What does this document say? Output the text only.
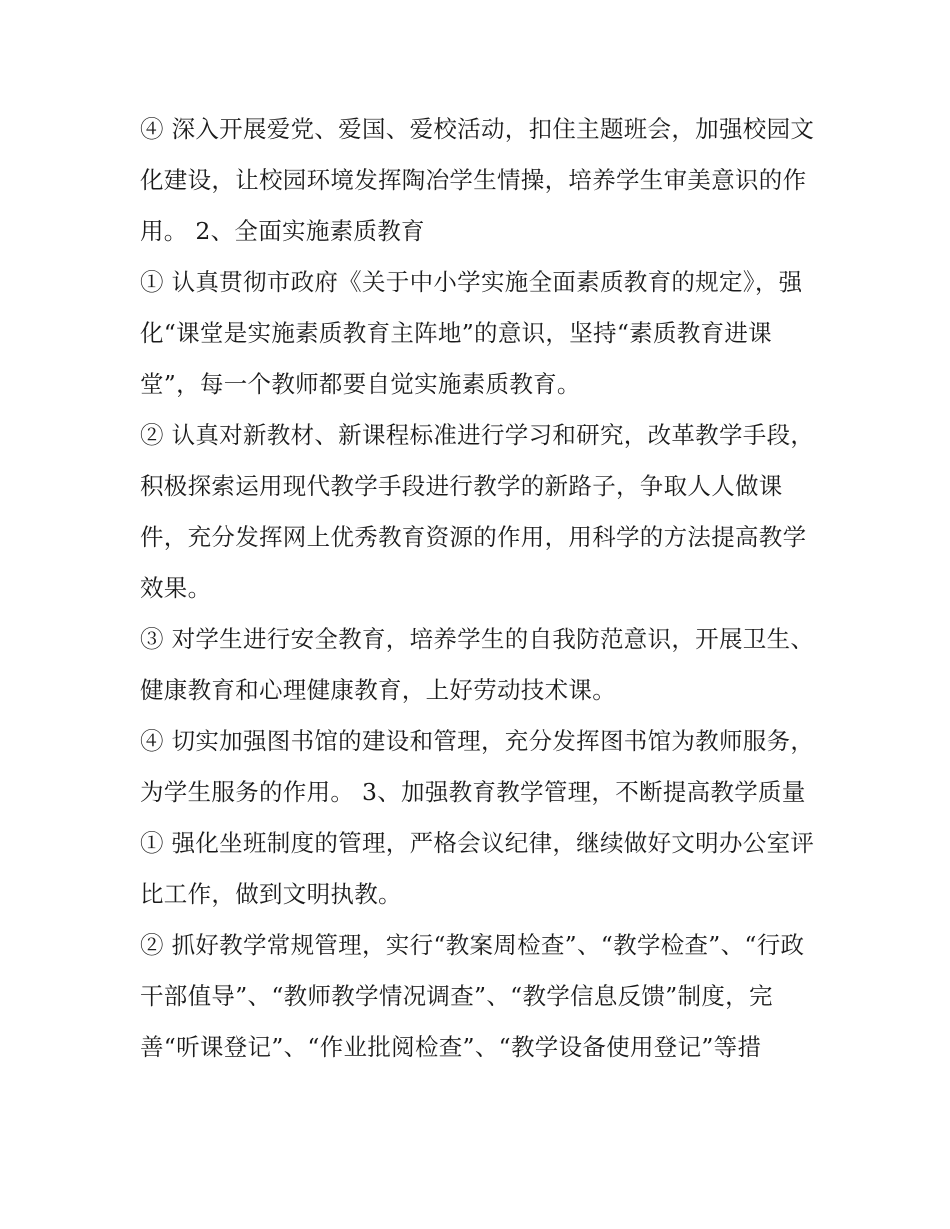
④ 深入开展爱党、爱国、爱校活动，扣住主题班会，加强校园文化建设，让校园环境发挥陶冶学生情操，培养学生审美意识的作用。 2、全面实施素质教育

① 认真贯彻市政府《关于中小学实施全面素质教育的规定》，强化“课堂是实施素质教育主阵地”的意识，坚持“素质教育进课堂”，每一个教师都要自觉实施素质教育。

② 认真对新教材、新课程标准进行学习和研究，改革教学手段，积极探索运用现代教学手段进行教学的新路子，争取人人做课件，充分发挥网上优秀教育资源的作用，用科学的方法提高教学效果。

③ 对学生进行安全教育，培养学生的自我防范意识，开展卫生、健康教育和心理健康教育，上好劳动技术课。

④ 切实加强图书馆的建设和管理，充分发挥图书馆为教师服务，为学生服务的作用。 3、加强教育教学管理，不断提高教学质量

① 强化坐班制度的管理，严格会议纪律，继续做好文明办公室评比工作，做到文明执教。

② 抓好教学常规管理，实行“教案周检查”、“教学检查”、“行政干部值导”、“教师教学情况调查”、“教学信息反馈”制度，完善“听课登记”、“作业批阅检查”、“教学设备使用登记”等措
